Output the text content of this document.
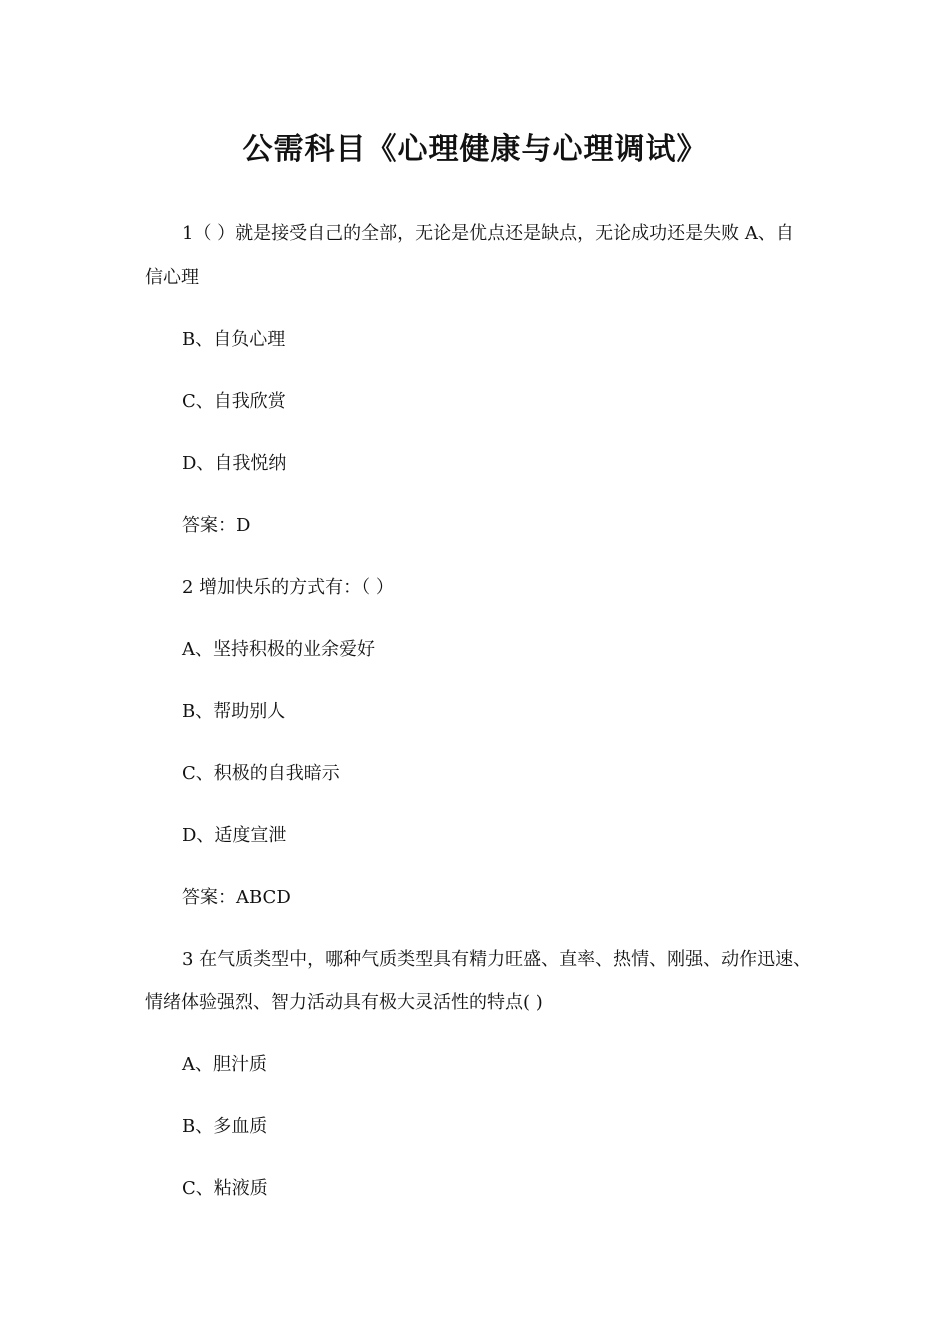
公需科目《心理健康与心理调试》

1（ ）就是接受自己的全部，无论是优点还是缺点，无论成功还是失败 A、自

信心理

B、自负心理

C、自我欣赏

D、自我悦纳

答案：D

2 增加快乐的方式有：（ ）

A、坚持积极的业余爱好

B、帮助别人

C、积极的自我暗示

D、适度宣泄

答案：ABCD

3 在气质类型中，哪种气质类型具有精力旺盛、直率、热情、刚强、动作迅速、

情绪体验强烈、智力活动具有极大灵活性的特点( )

A、胆汁质

B、多血质

C、粘液质
